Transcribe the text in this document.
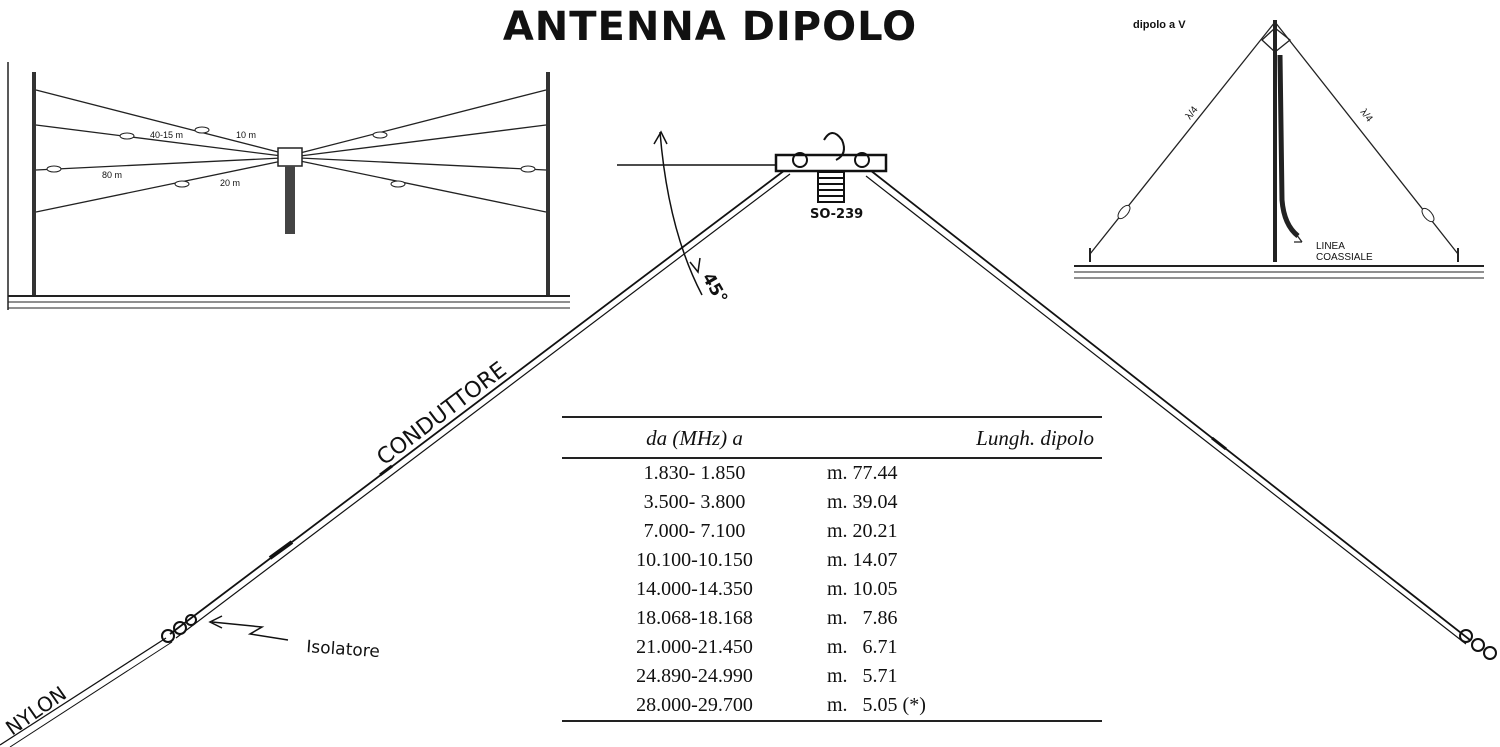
ANTENNA DIPOLO
40-15 m	10 m
80 m
20 m
dipolo a V
λ/4	λ/4
LINEA
COASSIALE
CONDUTTORE
Isolatore
NYLON
SO-239
45°
da (MHz) a	Lungh. dipolo
1.830- 1.850	m. 77.44
3.500- 3.800	m. 39.04
7.000- 7.100	m. 20.21
10.100-10.150	m. 14.07
14.000-14.350	m. 10.05
18.068-18.168	m.   7.86
21.000-21.450	m.   6.71
24.890-24.990	m.   5.71
28.000-29.700	m.   5.05 (*)
